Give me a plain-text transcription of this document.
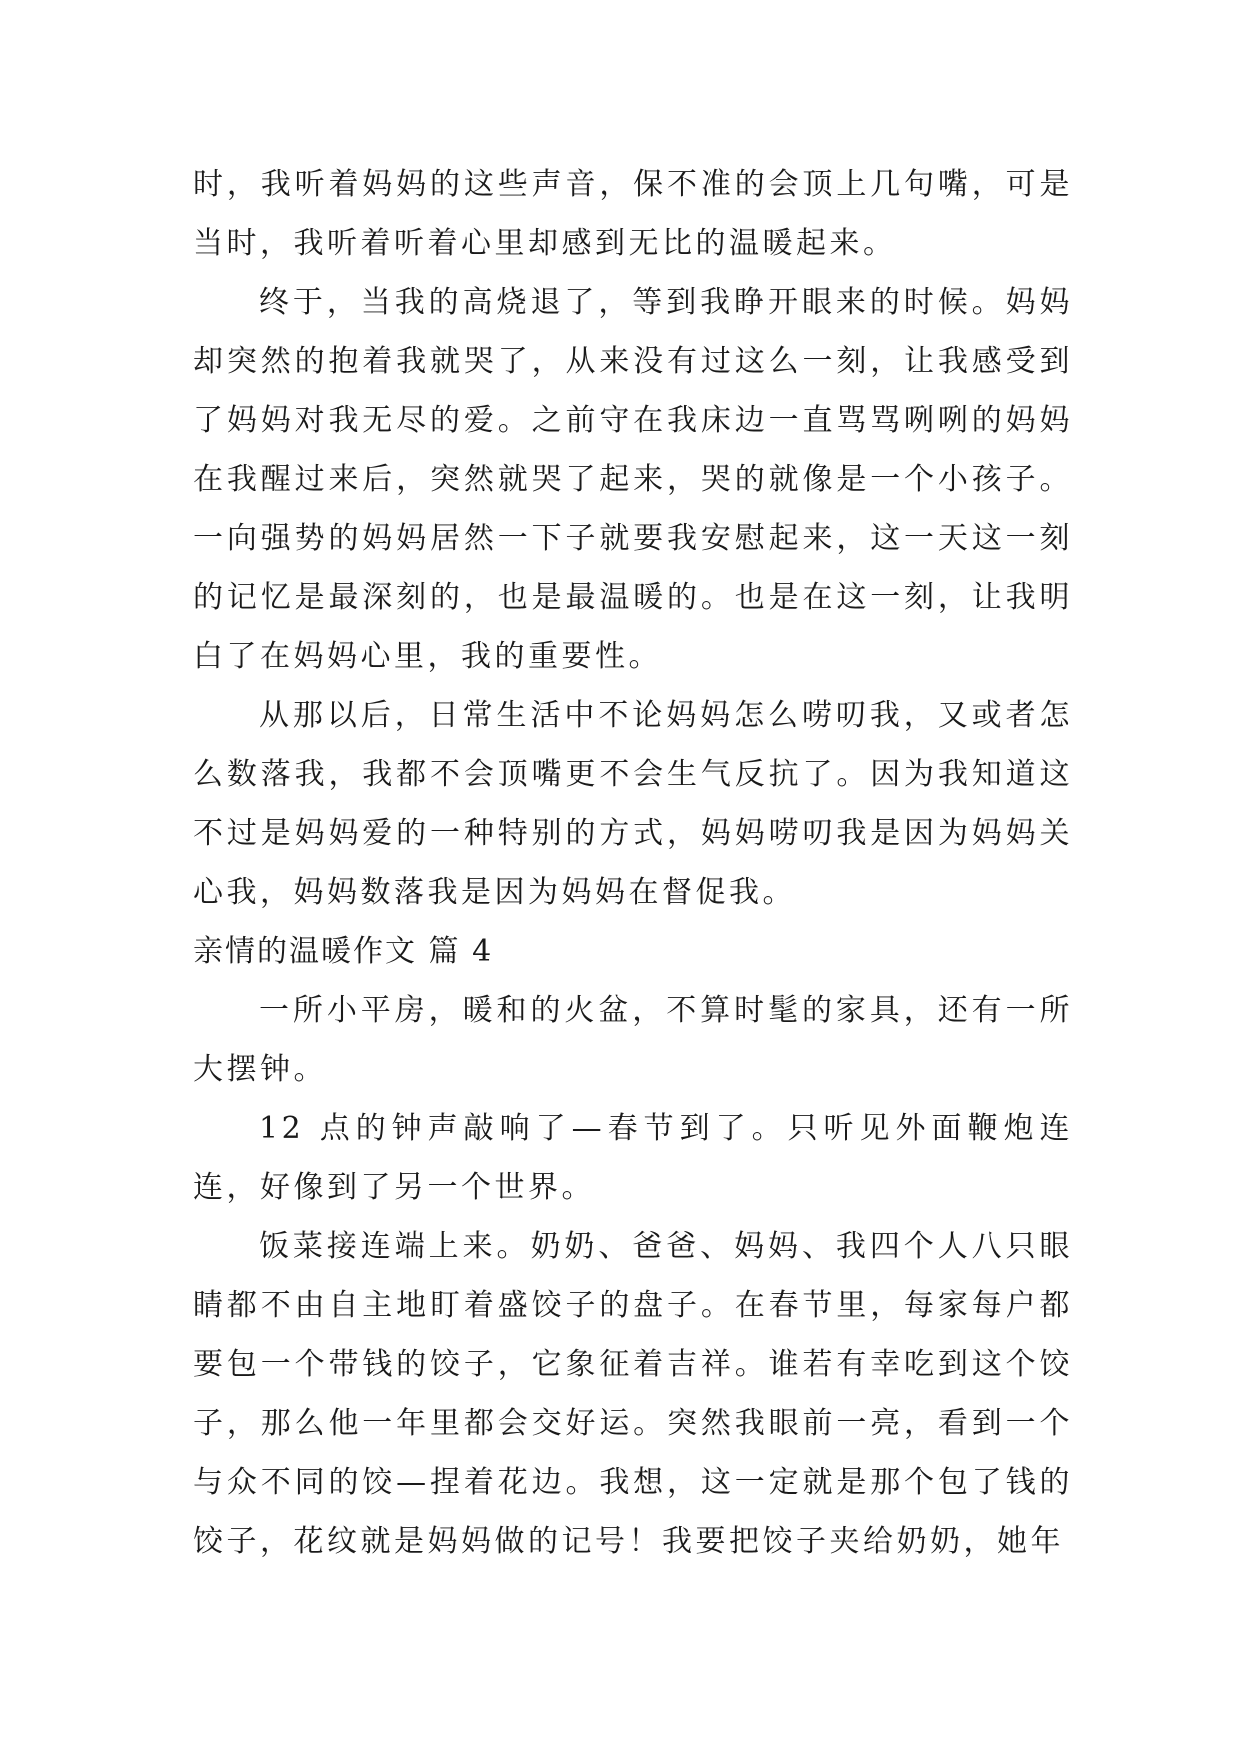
时，我听着妈妈的这些声音，保不准的会顶上几句嘴，可是当时，我听着听着心里却感到无比的温暖起来。

终于，当我的高烧退了，等到我睁开眼来的时候。妈妈却突然的抱着我就哭了，从来没有过这么一刻，让我感受到了妈妈对我无尽的爱。之前守在我床边一直骂骂咧咧的妈妈在我醒过来后，突然就哭了起来，哭的就像是一个小孩子。一向强势的妈妈居然一下子就要我安慰起来，这一天这一刻的记忆是最深刻的，也是最温暖的。也是在这一刻，让我明白了在妈妈心里，我的重要性。

从那以后，日常生活中不论妈妈怎么唠叨我，又或者怎么数落我，我都不会顶嘴更不会生气反抗了。因为我知道这不过是妈妈爱的一种特别的方式，妈妈唠叨我是因为妈妈关心我，妈妈数落我是因为妈妈在督促我。

亲情的温暖作文 篇 4

一所小平房，暖和的火盆，不算时髦的家具，还有一所大摆钟。

12 点的钟声敲响了—春节到了。只听见外面鞭炮连连，好像到了另一个世界。

饭菜接连端上来。奶奶、爸爸、妈妈、我四个人八只眼睛都不由自主地盯着盛饺子的盘子。在春节里，每家每户都要包一个带钱的饺子，它象征着吉祥。谁若有幸吃到这个饺子，那么他一年里都会交好运。突然我眼前一亮，看到一个与众不同的饺—捏着花边。我想，这一定就是那个包了钱的饺子，花纹就是妈妈做的记号！我要把饺子夹给奶奶，她年
